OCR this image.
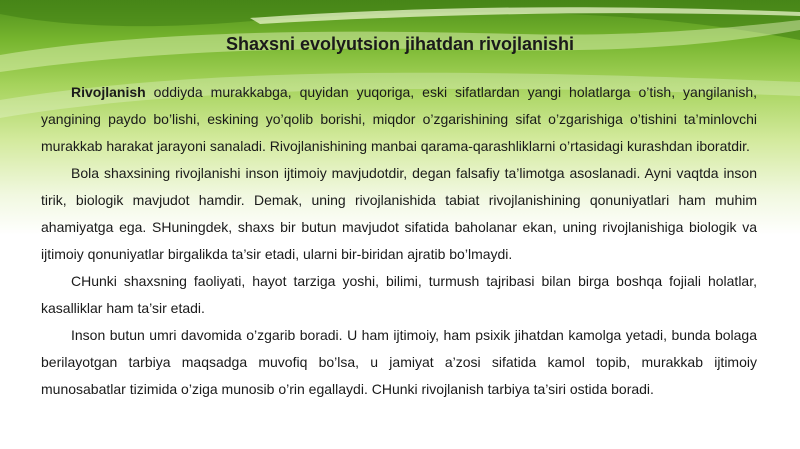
Shaxsni evolyutsion jihatdan rivojlanishi

Rivojlanish oddiyda murakkabga, quyidan yuqoriga, eski sifatlardan yangi holatlarga o’tish, yangilanish, yangining paydo bo’lishi, eskining yo’qolib borishi, miqdor o’zgarishining sifat o’zgarishiga o’tishini ta’minlovchi murakkab harakat jarayoni sanaladi. Rivojlanishining manbai qarama-qarashliklarni o’rtasidagi kurashdan iboratdir.

Bola shaxsining rivojlanishi inson ijtimoiy mavjudotdir, degan falsafiy ta’limotga asoslanadi. Ayni vaqtda inson tirik, biologik mavjudot hamdir. Demak, uning rivojlanishida tabiat rivojlanishining qonuniyatlari ham muhim ahamiyatga ega. SHuningdek, shaxs bir butun mavjudot sifatida baholanar ekan, uning rivojlanishiga biologik va ijtimoiy qonuniyatlar birgalikda ta’sir etadi, ularni bir-biridan ajratib bo’lmaydi.

CHunki shaxsning faoliyati, hayot tarziga yoshi, bilimi, turmush tajribasi bilan birga boshqa fojiali holatlar, kasalliklar ham ta’sir etadi.

Inson butun umri davomida o’zgarib boradi. U ham ijtimoiy, ham psixik jihatdan kamolga yetadi, bunda bolaga berilayotgan tarbiya maqsadga muvofiq bo’lsa, u jamiyat a’zosi sifatida kamol topib, murakkab ijtimoiy munosabatlar tizimida o’ziga munosib o’rin egallaydi. CHunki rivojlanish tarbiya ta’siri ostida boradi.
